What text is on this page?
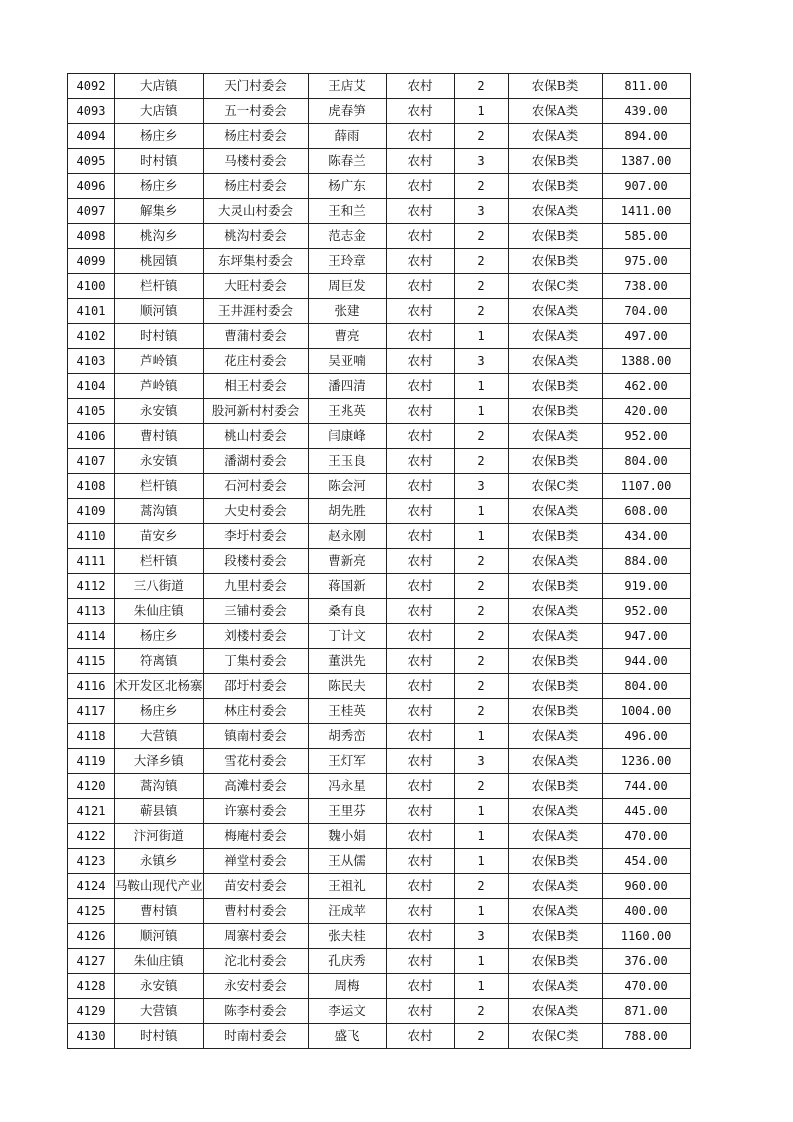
4092	大店镇	天门村委会	王店艾	农村	2	农保B类	811.00
4093	大店镇	五一村委会	虎春笋	农村	1	农保A类	439.00
4094	杨庄乡	杨庄村委会	薛雨	农村	2	农保A类	894.00
4095	时村镇	马楼村委会	陈春兰	农村	3	农保B类	1387.00
4096	杨庄乡	杨庄村委会	杨广东	农村	2	农保B类	907.00
4097	解集乡	大灵山村委会	王和兰	农村	3	农保A类	1411.00
4098	桃沟乡	桃沟村委会	范志金	农村	2	农保B类	585.00
4099	桃园镇	东坪集村委会	王玲章	农村	2	农保B类	975.00
4100	栏杆镇	大旺村委会	周巨发	农村	2	农保C类	738.00
4101	顺河镇	王井涯村委会	张建	农村	2	农保A类	704.00
4102	时村镇	曹蒲村委会	曹亮	农村	1	农保A类	497.00
4103	芦岭镇	花庄村委会	吴亚喃	农村	3	农保A类	1388.00
4104	芦岭镇	相王村委会	潘四清	农村	1	农保B类	462.00
4105	永安镇	股河新村村委会	王兆英	农村	1	农保B类	420.00
4106	曹村镇	桃山村委会	闫康峰	农村	2	农保A类	952.00
4107	永安镇	潘湖村委会	王玉良	农村	2	农保B类	804.00
4108	栏杆镇	石河村委会	陈会河	农村	3	农保C类	1107.00
4109	蒿沟镇	大史村委会	胡先胜	农村	1	农保A类	608.00
4110	苗安乡	李圩村委会	赵永刚	农村	1	农保B类	434.00
4111	栏杆镇	段楼村委会	曹新亮	农村	2	农保A类	884.00
4112	三八街道	九里村委会	蒋国新	农村	2	农保B类	919.00
4113	朱仙庄镇	三铺村委会	桑有良	农村	2	农保A类	952.00
4114	杨庄乡	刘楼村委会	丁计文	农村	2	农保A类	947.00
4115	符离镇	丁集村委会	董洪先	农村	2	农保B类	944.00
4116	术开发区北杨寨	邵圩村委会	陈民夫	农村	2	农保B类	804.00
4117	杨庄乡	林庄村委会	王桂英	农村	2	农保B类	1004.00
4118	大营镇	镇南村委会	胡秀峦	农村	1	农保A类	496.00
4119	大泽乡镇	雪花村委会	王灯军	农村	3	农保A类	1236.00
4120	蒿沟镇	高滩村委会	冯永星	农村	2	农保B类	744.00
4121	蕲县镇	许寨村委会	王里芬	农村	1	农保A类	445.00
4122	汴河街道	梅庵村委会	魏小娟	农村	1	农保A类	470.00
4123	永镇乡	禅堂村委会	王从儒	农村	1	农保B类	454.00
4124	马鞍山现代产业	苗安村委会	王祖礼	农村	2	农保A类	960.00
4125	曹村镇	曹村村委会	汪成苹	农村	1	农保A类	400.00
4126	顺河镇	周寨村委会	张夫桂	农村	3	农保B类	1160.00
4127	朱仙庄镇	沱北村委会	孔庆秀	农村	1	农保B类	376.00
4128	永安镇	永安村委会	周梅	农村	1	农保A类	470.00
4129	大营镇	陈李村委会	李运文	农村	2	农保A类	871.00
4130	时村镇	时南村委会	盛飞	农村	2	农保C类	788.00
